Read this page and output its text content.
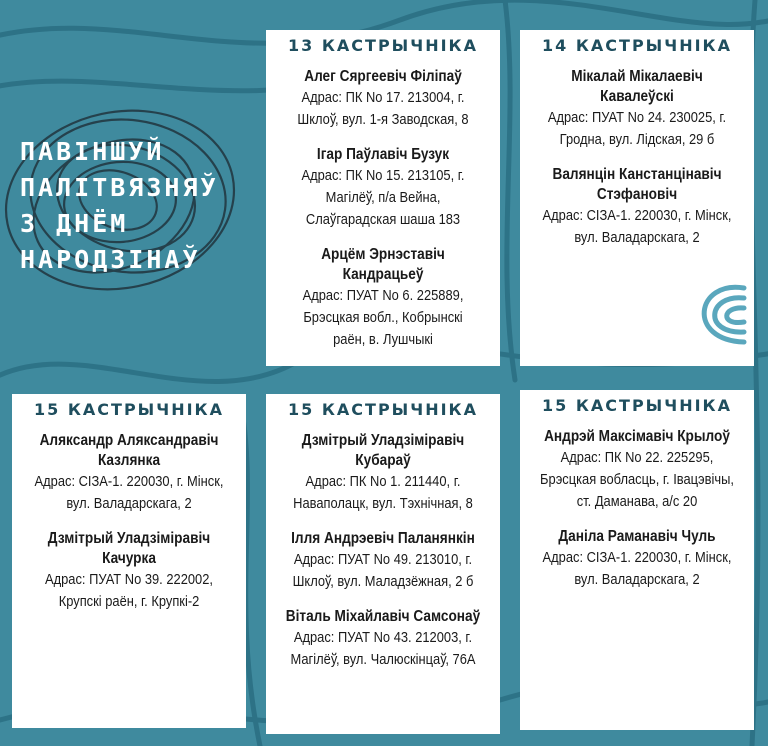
ПАВІНШУЙ
ПАЛІТВЯЗНЯЎ
З ДНЁМ
НАРОДЗІНАЎ
13 КАСТРЫЧНІКА
Алег Сяргеевіч Філіпаў
Адрас: ПК No 17. 213004, г. Шклоў, вул. 1-я Заводская, 8
Ігар Паўлавіч Бузук
Адрас: ПК No 15. 213105, г. Магілёў, п/а Вейна, Слаўгарадская шаша 183
Арцём Эрнэставіч Кандрацьеў
Адрас: ПУАТ No 6. 225889, Брэсцкая вобл., Кобрынскі раён, в. Лушчыкі
14 КАСТРЫЧНІКА
Мікалай Мікалаевіч Кавалеўскі
Адрас: ПУАТ No 24. 230025, г. Гродна, вул. Лідская, 29 б
Валянцін Канстанцінавіч Стэфановіч
Адрас: СІЗА-1. 220030, г. Мінск, вул. Валадарскага, 2
15 КАСТРЫЧНІКА
Аляксандр Аляксандравіч Казлянка
Адрас: СІЗА-1. 220030, г. Мінск, вул. Валадарскага, 2
Дзмітрый Уладзіміравіч Качурка
Адрас: ПУАТ No 39. 222002, Крупскі раён, г. Крупкі-2
15 КАСТРЫЧНІКА
Дзмітрый Уладзіміравіч Кубараў
Адрас: ПК No 1. 211440, г. Наваполацк, вул. Тэхнічная, 8
Ілля Андрэевіч Паланянкін
Адрас: ПУАТ No 49. 213010, г. Шклоў, вул. Маладзёжная, 2 б
Віталь Міхайлавіч Самсонаў
Адрас: ПУАТ No 43. 212003, г. Магілёў, вул. Чалюскінцаў, 76А
15 КАСТРЫЧНІКА
Андрэй Максімавіч Крылоў
Адрас: ПК No 22. 225295, Брэсцкая вобласць, г. Івацэвічы, ст. Даманава, а/с 20
Даніла Раманавіч Чуль
Адрас: СІЗА-1. 220030, г. Мінск, вул. Валадарскага, 2
